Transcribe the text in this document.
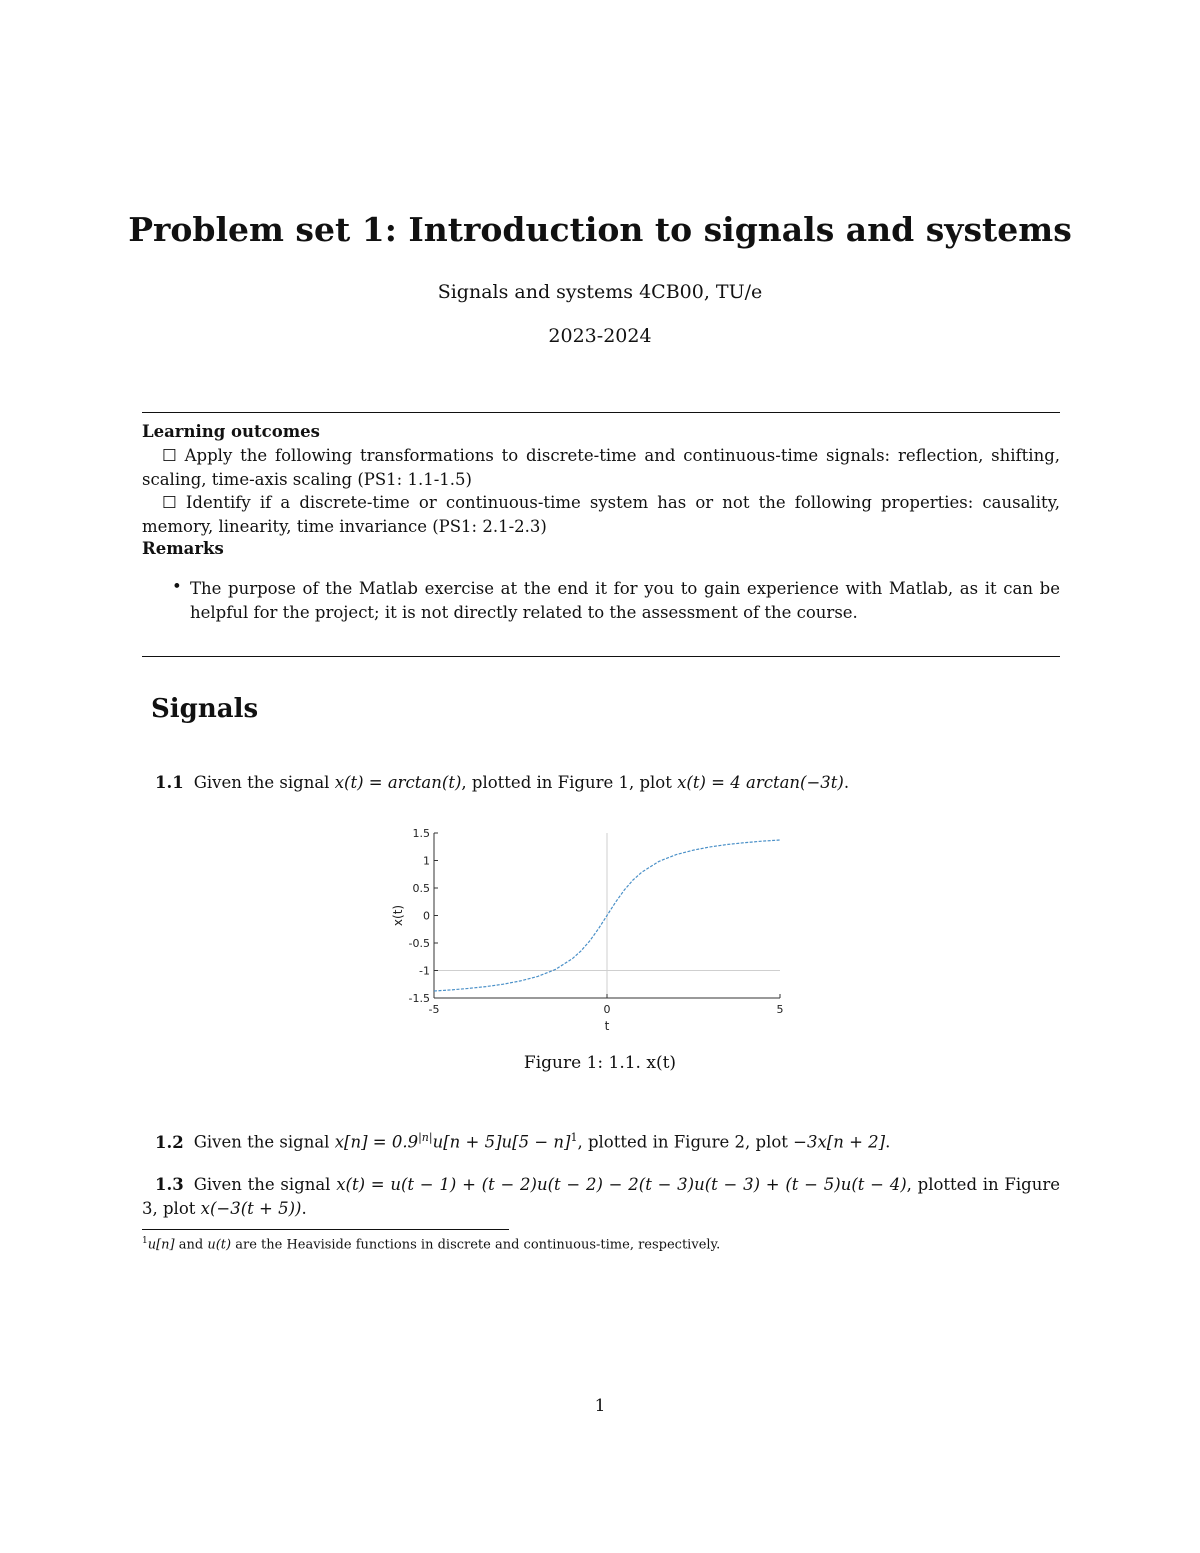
Problem set 1: Introduction to signals and systems
Signals and systems 4CB00, TU/e
2023-2024
Learning outcomes
☐ Apply the following transformations to discrete-time and continuous-time signals: reflection, shifting, scaling, time-axis scaling (PS1: 1.1-1.5)
☐ Identify if a discrete-time or continuous-time system has or not the following properties: causality, memory, linearity, time invariance (PS1: 2.1-2.3)
Remarks
• The purpose of the Matlab exercise at the end it for you to gain experience with Matlab, as it can be helpful for the project; it is not directly related to the assessment of the course.
Signals
1.1 Given the signal x(t) = arctan(t), plotted in Figure 1, plot x(t) = 4 arctan(−3t).
1.5
1
0.5
0
-0.5
-1
-1.5
-5	0	5
t
x(t)
Figure 1: 1.1. x(t)
1.2 Given the signal $x[n] = 0.9^{|n|}u[n + 5]u[5 - n]^1$, plotted in Figure 2, plot −3x[n + 2].
1.3 Given the signal x(t) = u(t − 1) + (t − 2)u(t − 2) − 2(t − 3)u(t − 3) + (t − 5)u(t − 4), plotted in Figure 3, plot x(−3(t + 5)).
$^1$u[n] and u(t) are the Heaviside functions in discrete and continuous-time, respectively.
1
